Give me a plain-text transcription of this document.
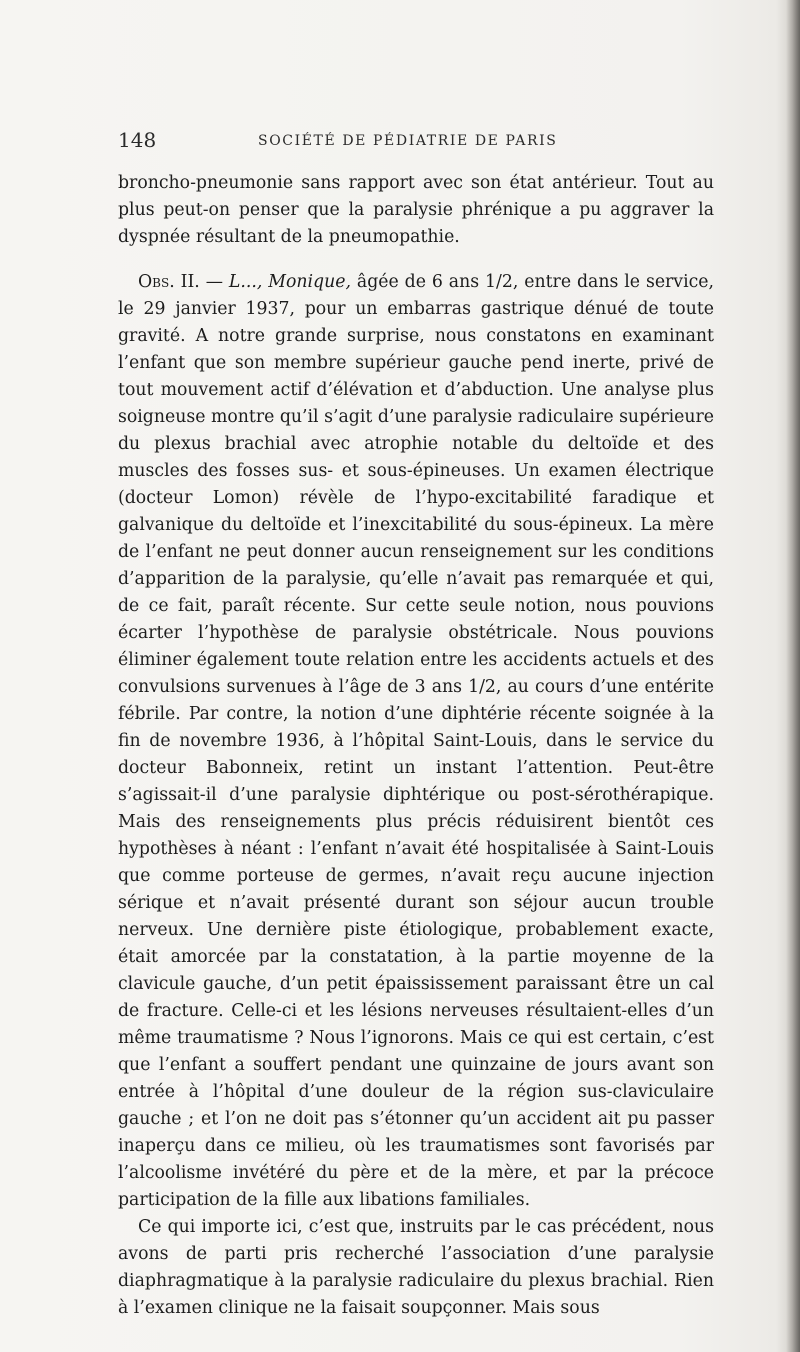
148	SOCIÉTÉ DE PÉDIATRIE DE PARIS

broncho-pneumonie sans rapport avec son état antérieur. Tout au plus peut-on penser que la paralysie phrénique a pu aggraver la dyspnée résultant de la pneumopathie.

Obs. II. — L..., Monique, âgée de 6 ans 1/2, entre dans le service, le 29 janvier 1937, pour un embarras gastrique dénué de toute gravité. A notre grande surprise, nous constatons en examinant l’enfant que son membre supérieur gauche pend inerte, privé de tout mouvement actif d’élévation et d’abduction. Une analyse plus soigneuse montre qu’il s’agit d’une paralysie radiculaire supérieure du plexus brachial avec atrophie notable du deltoïde et des muscles des fosses sus- et sous-épineuses. Un examen électrique (docteur Lomon) révèle de l’hypo-excitabilité faradique et galvanique du deltoïde et l’inexcitabilité du sous-épineux. La mère de l’enfant ne peut donner aucun renseignement sur les conditions d’apparition de la paralysie, qu’elle n’avait pas remarquée et qui, de ce fait, paraît récente. Sur cette seule notion, nous pouvions écarter l’hypothèse de paralysie obstétricale. Nous pouvions éliminer également toute relation entre les accidents actuels et des convulsions survenues à l’âge de 3 ans 1/2, au cours d’une entérite fébrile. Par contre, la notion d’une diphtérie récente soignée à la fin de novembre 1936, à l’hôpital Saint-Louis, dans le service du docteur Babonneix, retint un instant l’attention. Peut-être s’agissait-il d’une paralysie diphtérique ou post-sérothérapique. Mais des renseignements plus précis réduisirent bientôt ces hypothèses à néant : l’enfant n’avait été hospitalisée à Saint-Louis que comme porteuse de germes, n’avait reçu aucune injection sérique et n’avait présenté durant son séjour aucun trouble nerveux. Une dernière piste étiologique, probablement exacte, était amorcée par la constatation, à la partie moyenne de la clavicule gauche, d’un petit épaississement paraissant être un cal de fracture. Celle-ci et les lésions nerveuses résultaient-elles d’un même traumatisme ? Nous l’ignorons. Mais ce qui est certain, c’est que l’enfant a souffert pendant une quinzaine de jours avant son entrée à l’hôpital d’une douleur de la région sus-claviculaire gauche ; et l’on ne doit pas s’étonner qu’un accident ait pu passer inaperçu dans ce milieu, où les traumatismes sont favorisés par l’alcoolisme invétéré du père et de la mère, et par la précoce participation de la fille aux libations familiales.

Ce qui importe ici, c’est que, instruits par le cas précédent, nous avons de parti pris recherché l’association d’une paralysie diaphragmatique à la paralysie radiculaire du plexus brachial. Rien à l’examen clinique ne la faisait soupçonner. Mais sous
